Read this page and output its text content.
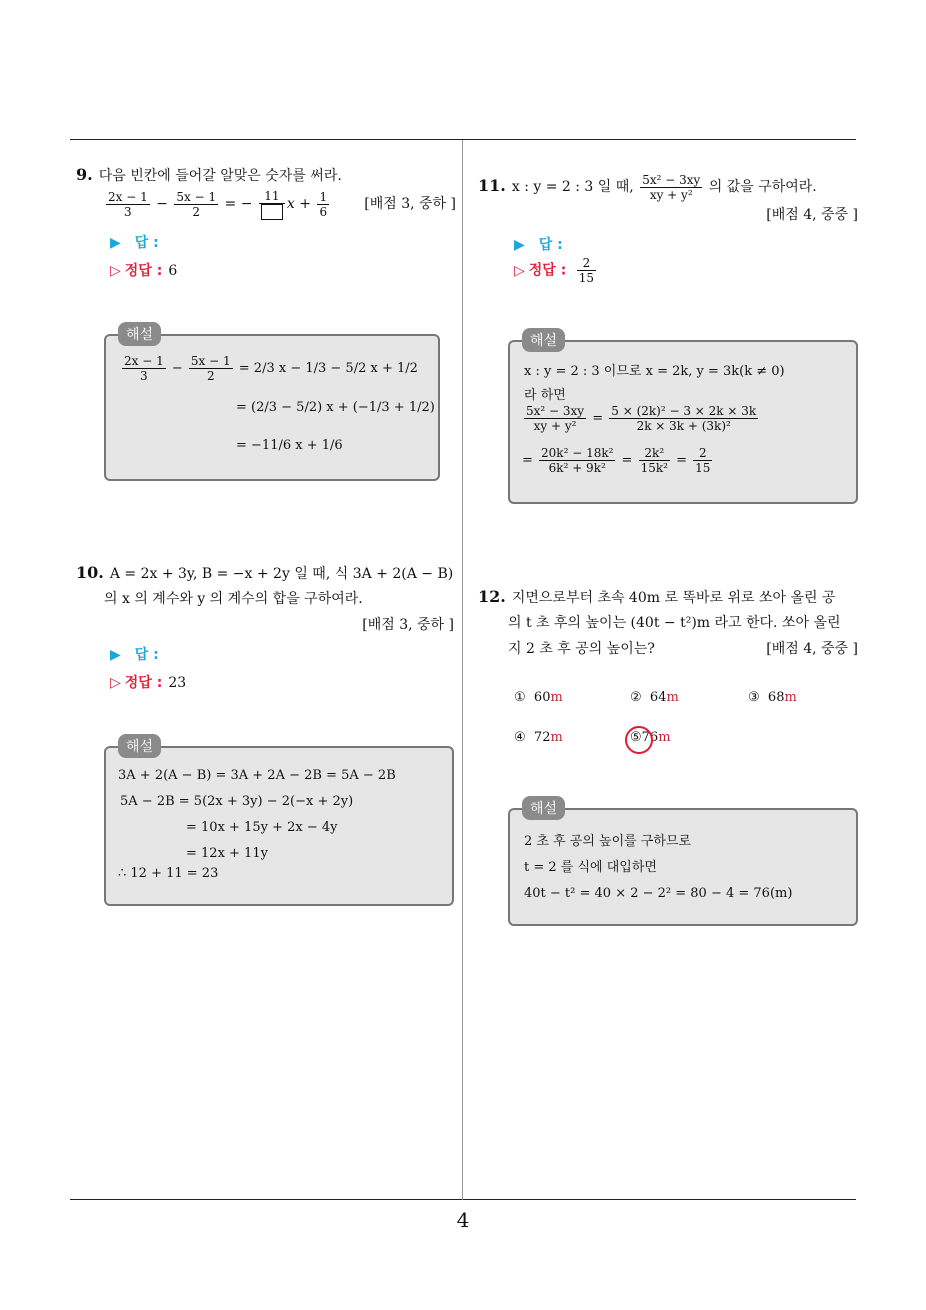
4
9. 다음 빈칸에 들어갈 알맞은 숫자를 써라.
$\frac{2x - 1}{3} - \frac{5x - 1}{2}$ = −
11
$x + \frac{1}{6}$	[배점 3, 중하 ]
▶ 답 :
▷ 정답 : 6
$\frac{2x - 1}{3} - \frac{5x - 1}{2} = 2/3$ x − 1/3 − 5/2 x + 1/2
= (2/3 − 5/2) x + (−1/3 + 1/2)
= −11/6 x + 1/6
해설
10. A = 2x + 3y, B = −x + 2y 일 때, 식 3A + 2(A − B)
의 x 의 계수와 y 의 계수의 합을 구하여라.
[배점 3, 중하 ]
▶ 답 :
▷ 정답 : 23
3A + 2(A − B) = 3A + 2A − 2B = 5A − 2B
5A − 2B = 5(2x + 3y) − 2(−x + 2y)
= 10x + 15y + 2x − 4y
= 12x + 11y
∴ 12 + 11 = 23
해설
11. x : y = 2 : 3 일 때, $\frac{\text{5x² − 3xy}}{\text{xy + y²}}$ 의 값을 구하여라.
[배점 4, 중중 ]
▶ 답 :
▷ 정답 : $\frac{2}{15}$
x : y = 2 : 3 이므로 x = 2k, y = 3k(k ≠ 0)
라 하면
$\frac{\text{5x² − 3xy}}{\text{xy + y²}} = \frac{\text{5 × (2k)² − 3 × 2k × 3k}}{\text{2k × 3k + (3k)²}}$
= $\frac{\text{20k² − 18k²}}{\text{6k² + 9k²}} = \frac{\text{2k²}}{\text{15k²}} = \frac{2}{15}$
해설
12. 지면으로부터 초속 40m 로 똑바로 위로 쏘아 올린 공
의 t 초 후의 높이는 (40t − t²)m 라고 한다. 쏘아 올린
지 2 초 후 공의 높이는?	[배점 4, 중중 ]
① 60m	② 64m	③ 68m
④ 72m	⑤76m
2 초 후 공의 높이를 구하므로
t = 2 를 식에 대입하면
40t − t² = 40 × 2 − 2² = 80 − 4 = 76(m)
해설
